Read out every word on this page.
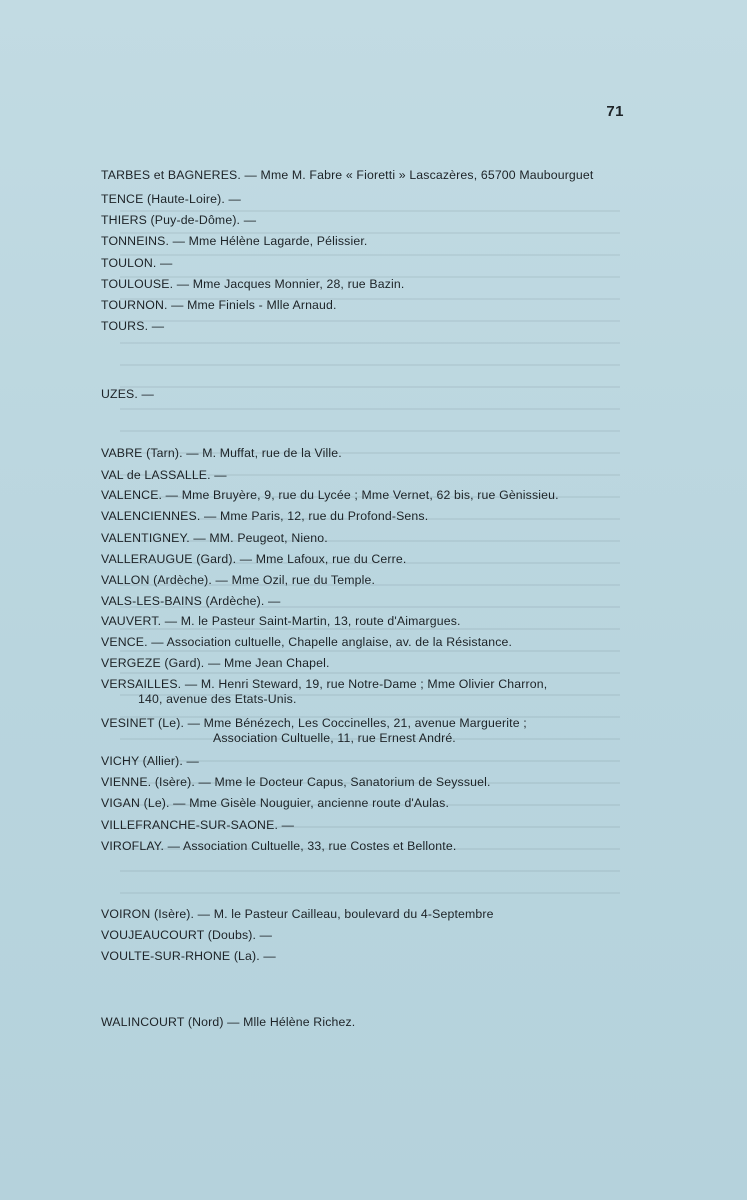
71
TARBES et BAGNERES. — Mme M. Fabre « Fioretti » Lascazères, 65700 Maubourguet
TENCE (Haute-Loire). —
THIERS (Puy-de-Dôme). —
TONNEINS. — Mme Hélène Lagarde, Pélissier.
TOULON. —
TOULOUSE. — Mme Jacques Monnier, 28, rue Bazin.
TOURNON. — Mme Finiels - Mlle Arnaud.
TOURS. —
UZES. —
VABRE (Tarn). — M. Muffat, rue de la Ville.
VAL de LASSALLE. —
VALENCE. — Mme Bruyère, 9, rue du Lycée ; Mme Vernet, 62 bis, rue Gènissieu.
VALENCIENNES. — Mme Paris, 12, rue du Profond-Sens.
VALENTIGNEY. — MM. Peugeot, Nieno.
VALLERAUGUE (Gard). — Mme Lafoux, rue du Cerre.
VALLON (Ardèche). — Mme Ozil, rue du Temple.
VALS-LES-BAINS (Ardèche). —
VAUVERT. — M. le Pasteur Saint-Martin, 13, route d'Aimargues.
VENCE. — Association cultuelle, Chapelle anglaise, av. de la Résistance.
VERGEZE (Gard). — Mme Jean Chapel.
VERSAILLES. — M. Henri Steward, 19, rue Notre-Dame ; Mme Olivier Charron,
140, avenue des Etats-Unis.
VESINET (Le). — Mme Bénézech, Les Coccinelles, 21, avenue Marguerite ;
Association Cultuelle, 11, rue Ernest André.
VICHY (Allier). —
VIENNE. (Isère). — Mme le Docteur Capus, Sanatorium de Seyssuel.
VIGAN (Le). — Mme Gisèle Nouguier, ancienne route d'Aulas.
VILLEFRANCHE-SUR-SAONE. —
VIROFLAY. — Association Cultuelle, 33, rue Costes et Bellonte.
VOIRON (Isère). — M. le Pasteur Cailleau, boulevard du 4-Septembre
VOUJEAUCOURT (Doubs). —
VOULTE-SUR-RHONE (La). —
WALINCOURT (Nord) — Mlle Hélène Richez.
